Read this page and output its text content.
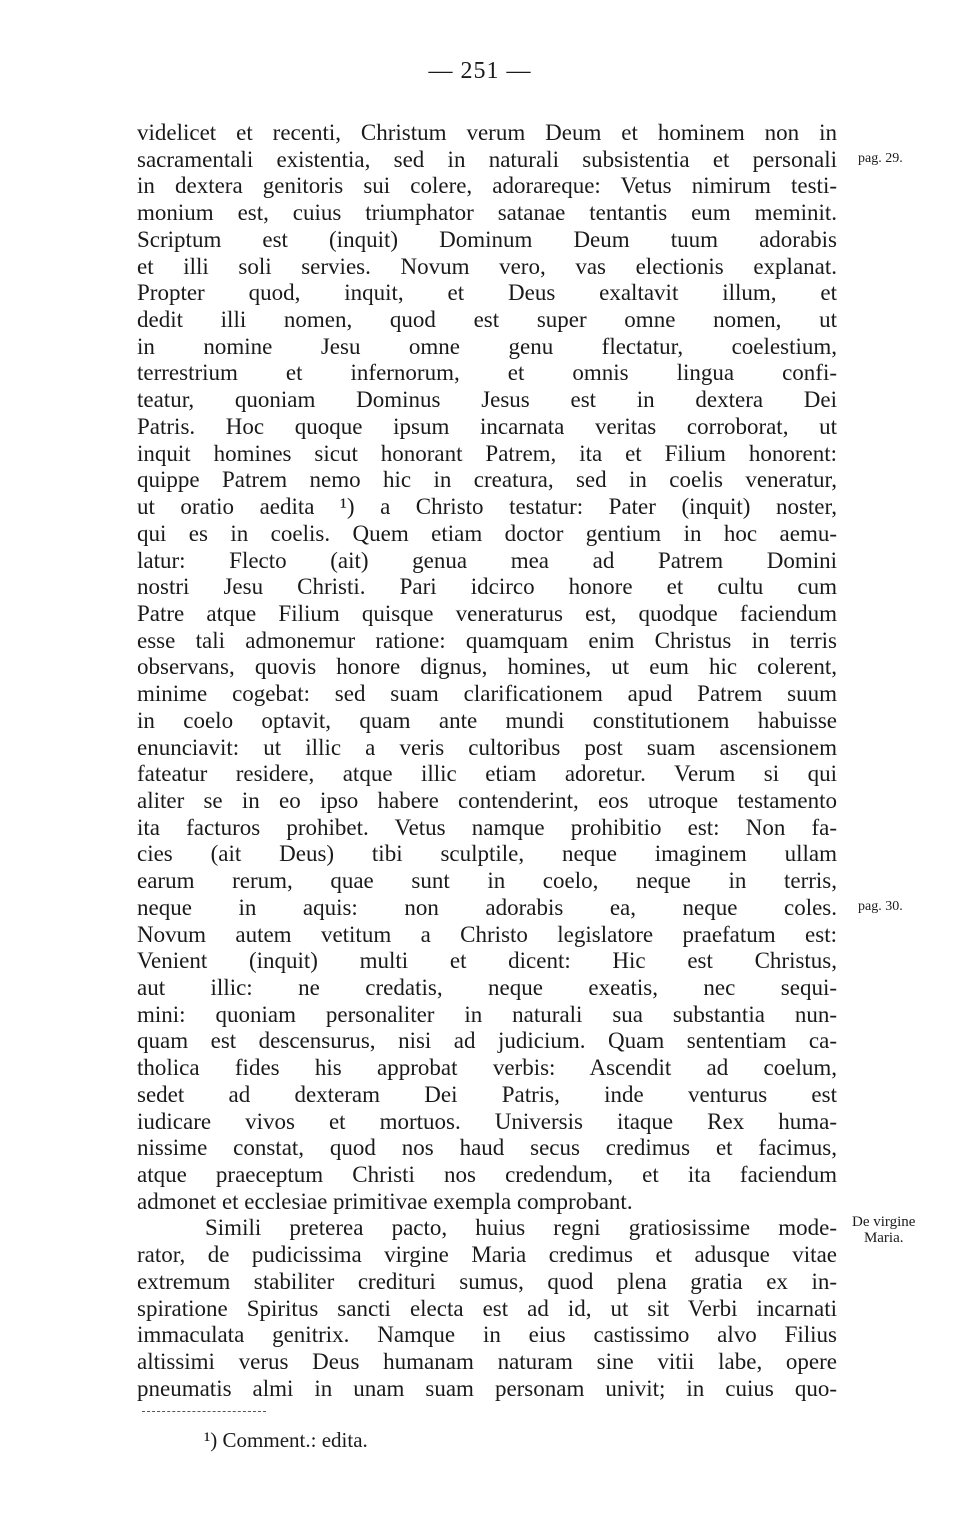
— 251 —
videlicet et recenti, Christum verum Deum et hominem non in
sacramentali existentia, sed in naturali subsistentia et personali
in dextera genitoris sui colere, adorareque: Vetus nimirum testi-
monium est, cuius triumphator satanae tentantis eum meminit.
Scriptum est (inquit) Dominum Deum tuum adorabis
et illi soli servies. Novum vero, vas electionis explanat.
Propter quod, inquit, et Deus exaltavit illum, et
dedit illi nomen, quod est super omne nomen, ut
in nomine Jesu omne genu flectatur, coelestium,
terrestrium et infernorum, et omnis lingua confi-
teatur, quoniam Dominus Jesus est in dextera Dei
Patris. Hoc quoque ipsum incarnata veritas corroborat, ut
inquit homines sicut honorant Patrem, ita et Filium honorent:
quippe Patrem nemo hic in creatura, sed in coelis veneratur,
ut oratio aedita ¹) a Christo testatur: Pater (inquit) noster,
qui es in coelis. Quem etiam doctor gentium in hoc aemu-
latur: Flecto (ait) genua mea ad Patrem Domini
nostri Jesu Christi. Pari idcirco honore et cultu cum
Patre atque Filium quisque veneraturus est, quodque faciendum
esse tali admonemur ratione: quamquam enim Christus in terris
observans, quovis honore dignus, homines, ut eum hic colerent,
minime cogebat: sed suam clarificationem apud Patrem suum
in coelo optavit, quam ante mundi constitutionem habuisse
enunciavit: ut illic a veris cultoribus post suam ascensionem
fateatur residere, atque illic etiam adoretur. Verum si qui
aliter se in eo ipso habere contenderint, eos utroque testamento
ita facturos prohibet. Vetus namque prohibitio est: Non fa-
cies (ait Deus) tibi sculptile, neque imaginem ullam
earum rerum, quae sunt in coelo, neque in terris,
neque in aquis: non adorabis ea, neque coles.
Novum autem vetitum a Christo legislatore praefatum est:
Venient (inquit) multi et dicent: Hic est Christus,
aut illic: ne credatis, neque exeatis, nec sequi-
mini: quoniam personaliter in naturali sua substantia nun-
quam est descensurus, nisi ad judicium. Quam sententiam ca-
tholica fides his approbat verbis: Ascendit ad coelum,
sedet ad dexteram Dei Patris, inde venturus est
iudicare vivos et mortuos. Universis itaque Rex huma-
nissime constat, quod nos haud secus credimus et facimus,
atque praeceptum Christi nos credendum, et ita faciendum
admonet et ecclesiae primitivae exempla comprobant.
Simili preterea pacto, huius regni gratiosissime mode-
rator, de pudicissima virgine Maria credimus et adusque vitae
extremum stabiliter credituri sumus, quod plena gratia ex in-
spiratione Spiritus sancti electa est ad id, ut sit Verbi incarnati
immaculata genitrix. Namque in eius castissimo alvo Filius
altissimi verus Deus humanam naturam sine vitii labe, opere
pneumatis almi in unam suam personam univit; in cuius quo-
pag. 29.
pag. 30.
De virgine
Maria.
¹) Comment.: edita.
